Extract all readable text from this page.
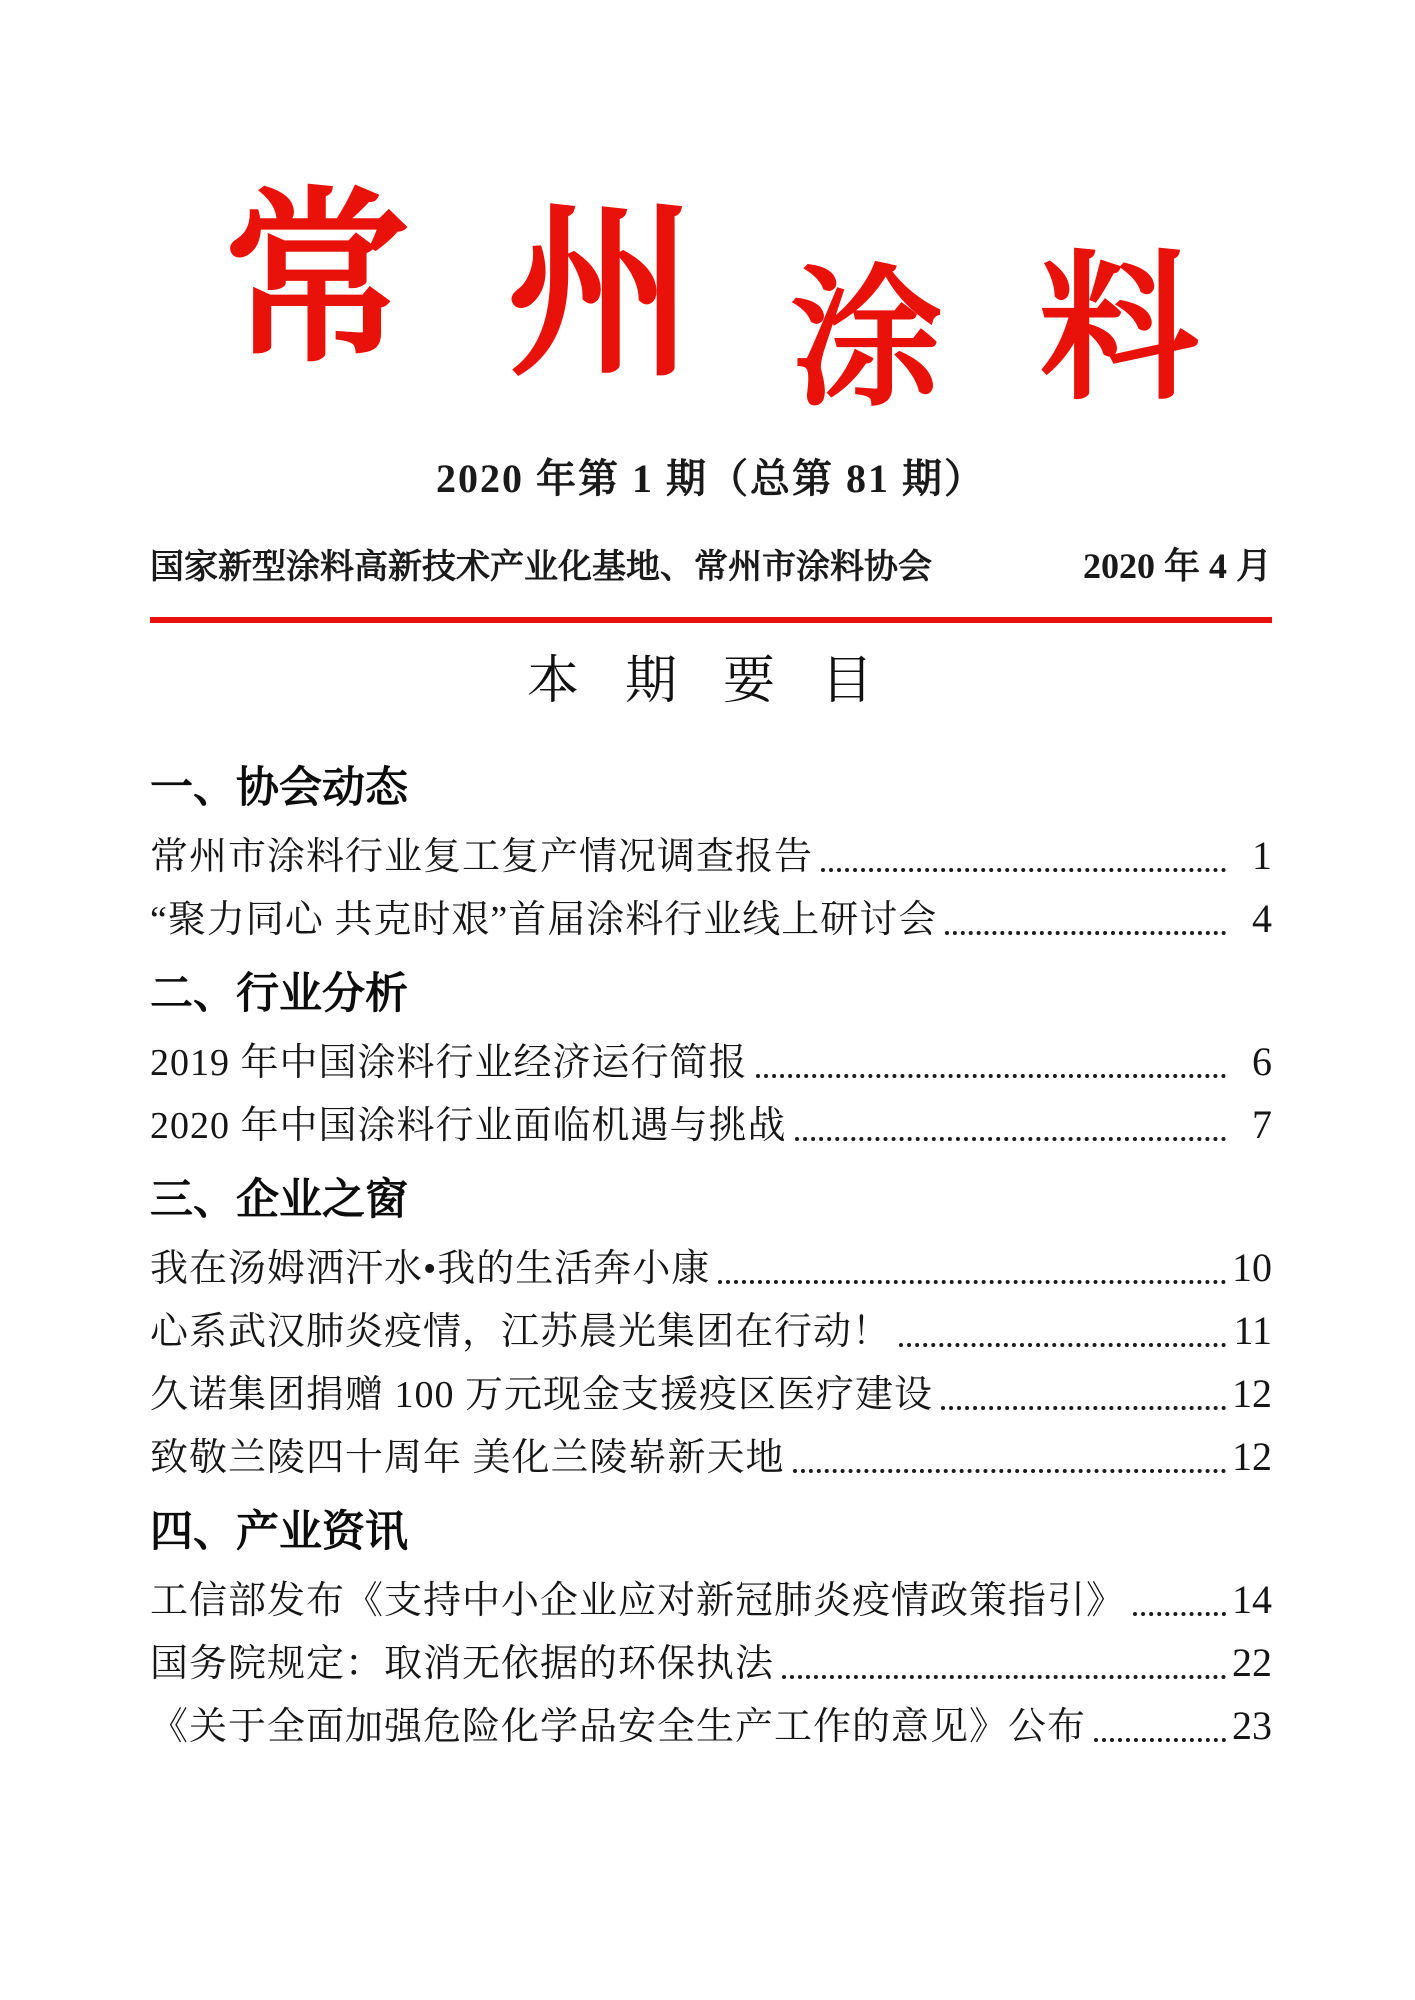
常 州 涂 料
2020 年第 1 期（总第 81 期）
国家新型涂料高新技术产业化基地、常州市涂料协会	2020 年 4 月
本期要目
一、协会动态
常州市涂料行业复工复产情况调查报告	1
“聚力同心 共克时艰”首届涂料行业线上研讨会	4
二、行业分析
2019 年中国涂料行业经济运行简报	6
2020 年中国涂料行业面临机遇与挑战	7
三、企业之窗
我在汤姆洒汗水•我的生活奔小康	10
心系武汉肺炎疫情，江苏晨光集团在行动！	11
久诺集团捐赠 100 万元现金支援疫区医疗建设	12
致敬兰陵四十周年 美化兰陵崭新天地	12
四、产业资讯
工信部发布《支持中小企业应对新冠肺炎疫情政策指引》	14
国务院规定：取消无依据的环保执法	22
《关于全面加强危险化学品安全生产工作的意见》公布	23
